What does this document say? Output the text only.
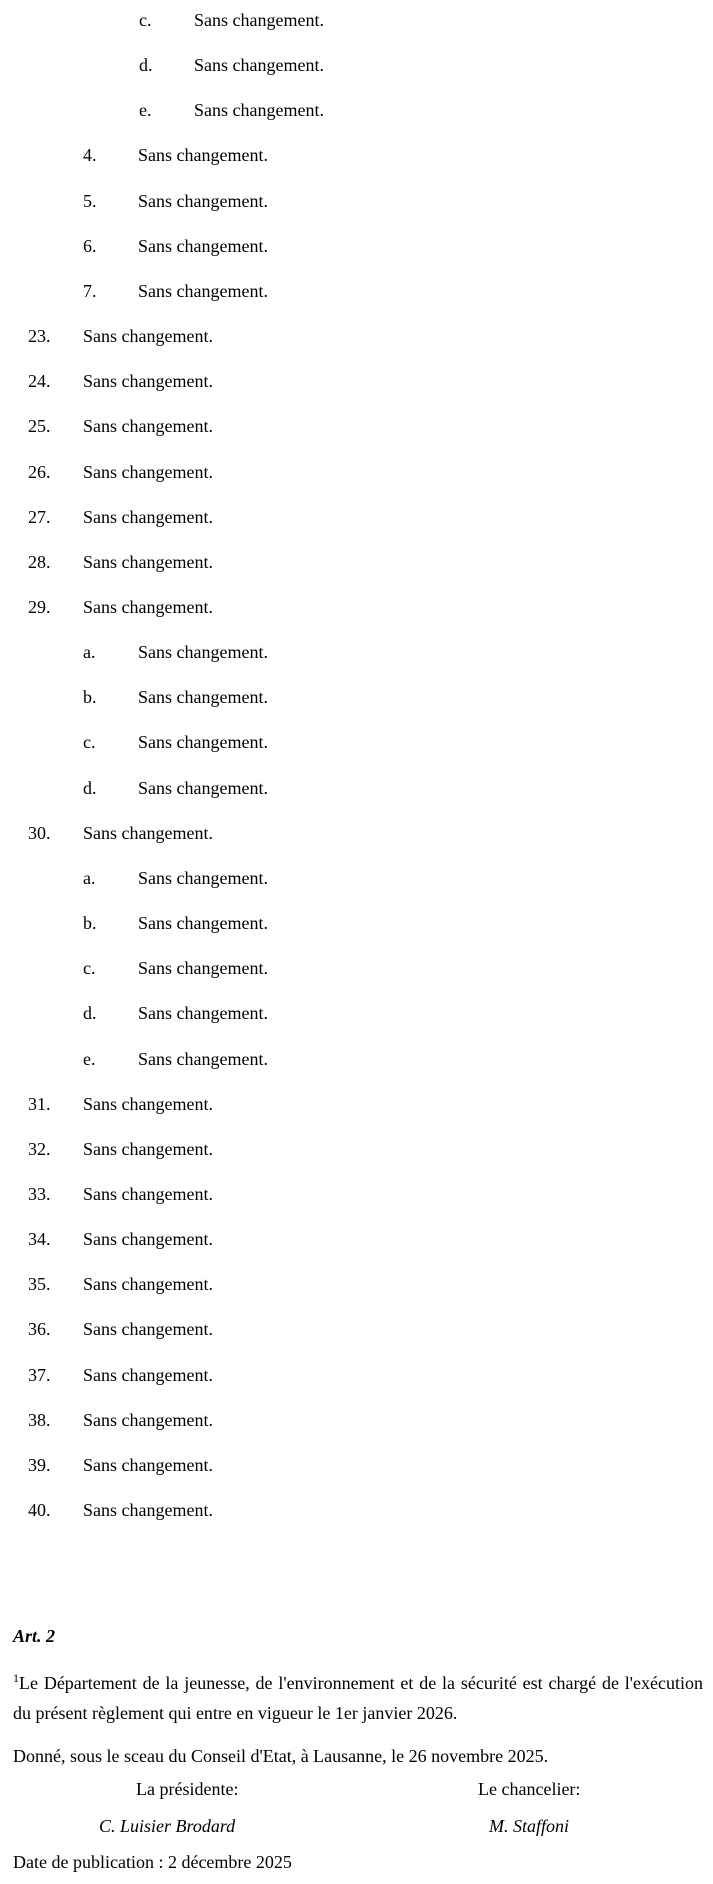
c. Sans changement.
d. Sans changement.
e. Sans changement.
4. Sans changement.
5. Sans changement.
6. Sans changement.
7. Sans changement.
23. Sans changement.
24. Sans changement.
25. Sans changement.
26. Sans changement.
27. Sans changement.
28. Sans changement.
29. Sans changement.
a. Sans changement.
b. Sans changement.
c. Sans changement.
d. Sans changement.
30. Sans changement.
a. Sans changement.
b. Sans changement.
c. Sans changement.
d. Sans changement.
e. Sans changement.
31. Sans changement.
32. Sans changement.
33. Sans changement.
34. Sans changement.
35. Sans changement.
36. Sans changement.
37. Sans changement.
38. Sans changement.
39. Sans changement.
40. Sans changement.
Art. 2
$^1$Le Département de la jeunesse, de l'environnement et de la sécurité est chargé de l'exécution du présent règlement qui entre en vigueur le 1er janvier 2026.
Donné, sous le sceau du Conseil d'Etat, à Lausanne, le 26 novembre 2025.
La présidente:	Le chancelier:
C. Luisier Brodard	M. Staffoni
Date de publication : 2 décembre 2025
